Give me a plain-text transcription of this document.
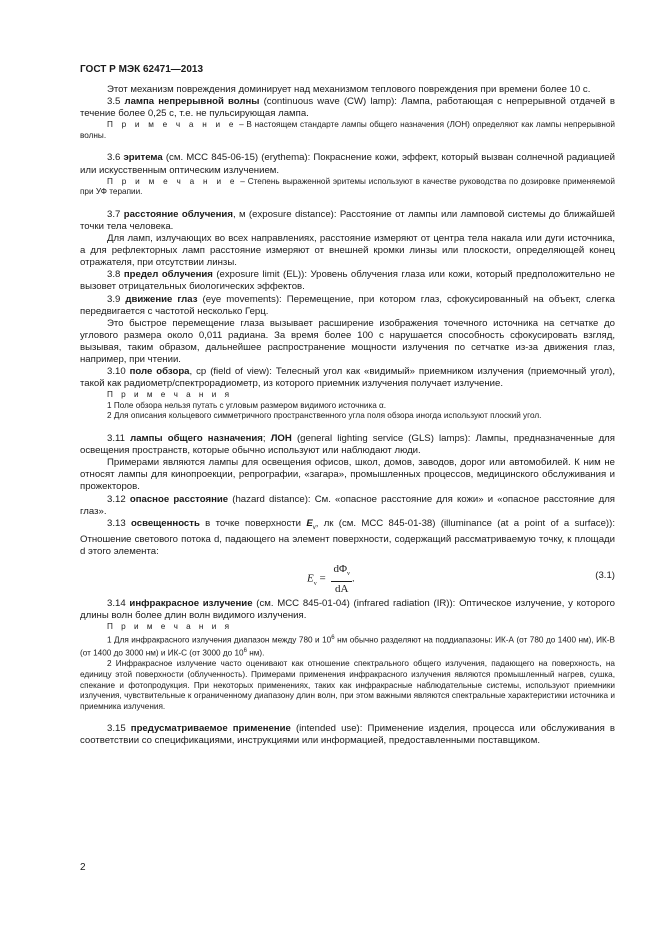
ГОСТ Р МЭК 62471—2013

Этот механизм повреждения доминирует над механизмом теплового повреждения при времени более 10 с.

3.5 лампа непрерывной волны (continuous wave (CW) lamp): Лампа, работающая с непрерывной отдачей в течение более 0,25 с, т.е. не пульсирующая лампа.

П р и м е ч а н и е – В настоящем стандарте лампы общего назначения (ЛОН) определяют как лампы непрерывной волны.

3.6 эритема (см. МСС 845-06-15) (erythema): Покраснение кожи, эффект, который вызван солнечной радиацией или искусственным оптическим излучением.

П р и м е ч а н и е – Степень выраженной эритемы используют в качестве руководства по дозировке применяемой при УФ терапии.

3.7 расстояние облучения, м (exposure distance): Расстояние от лампы или ламповой системы до ближайшей точки тела человека.

Для ламп, излучающих во всех направлениях, расстояние измеряют от центра тела накала или дуги источника, а для рефлекторных ламп расстояние измеряют от внешней кромки линзы или плоскости, определяющей конец отражателя, при отсутствии линзы.

3.8 предел облучения (exposure limit (EL)): Уровень облучения глаза или кожи, который предположительно не вызовет отрицательных биологических эффектов.

3.9 движение глаз (eye movements): Перемещение, при котором глаз, сфокусированный на объект, слегка передвигается с частотой несколько Герц.

Это быстрое перемещение глаза вызывает расширение изображения точечного источника на сетчатке до углового размера около 0,011 радиана. За время более 100 с нарушается способность сфокусировать взгляд, вызывая, таким образом, дальнейшее распространение мощности излучения по сетчатке из-за движения глаз, например, при чтении.

3.10 поле обзора, ср (field of view): Телесный угол как «видимый» приемником излучения (приемочный угол), такой как радиометр/спектрорадиометр, из которого приемник излучения получает излучение.

П р и м е ч а н и я

1 Поле обзора нельзя путать с угловым размером видимого источника α.

2 Для описания кольцевого симметричного пространственного угла поля обзора иногда используют плоский угол.

3.11 лампы общего назначения; ЛОН (general lighting service (GLS) lamps): Лампы, предназначенные для освещения пространств, которые обычно используют или наблюдают люди.

Примерами являются лампы для освещения офисов, школ, домов, заводов, дорог или автомобилей. К ним не относят лампы для кинопроекции, репрографии, «загара», промышленных процессов, медицинского обслуживания и прожекторов.

3.12 опасное расстояние (hazard distance): См. «опасное расстояние для кожи» и «опасное расстояние для глаз».

3.13 освещенность в точке поверхности $E_v$, лк (см. МСС 845-01-38) (illuminance (at a point of a surface)): Отношение светового потока d, падающего на элемент поверхности, содержащий рассматриваемую точку, к площади d этого элемента:

$E_v = \frac{d\Phi_v}{dA}$ .	(3.1)

3.14 инфракрасное излучение (см. МСС 845-01-04) (infrared radiation (IR)): Оптическое излучение, у которого длины волн более длин волн видимого излучения.

П р и м е ч а н и я

1 Для инфракрасного излучения диапазон между 780 и $10^6$ нм обычно разделяют на поддиапазоны: ИК-А (от 780 до 1400 нм), ИК-В (от 1400 до 3000 нм) и ИК-С (от 3000 до $10^6$ нм).

2 Инфракрасное излучение часто оценивают как отношение спектрального общего излучения, падающего на поверхность, на единицу этой поверхности (облученность). Примерами применения инфракрасного излучения являются промышленный нагрев, сушка, спекание и фотопродукция. При некоторых применениях, таких как инфракрасные наблюдательные системы, используют приемники излучения, чувствительные к ограниченному диапазону длин волн, при этом важными являются спектральные характеристики источника и приемника излучения.

3.15 предусматриваемое применение (intended use): Применение изделия, процесса или обслуживания в соответствии со спецификациями, инструкциями или информацией, предоставленными поставщиком.

2
